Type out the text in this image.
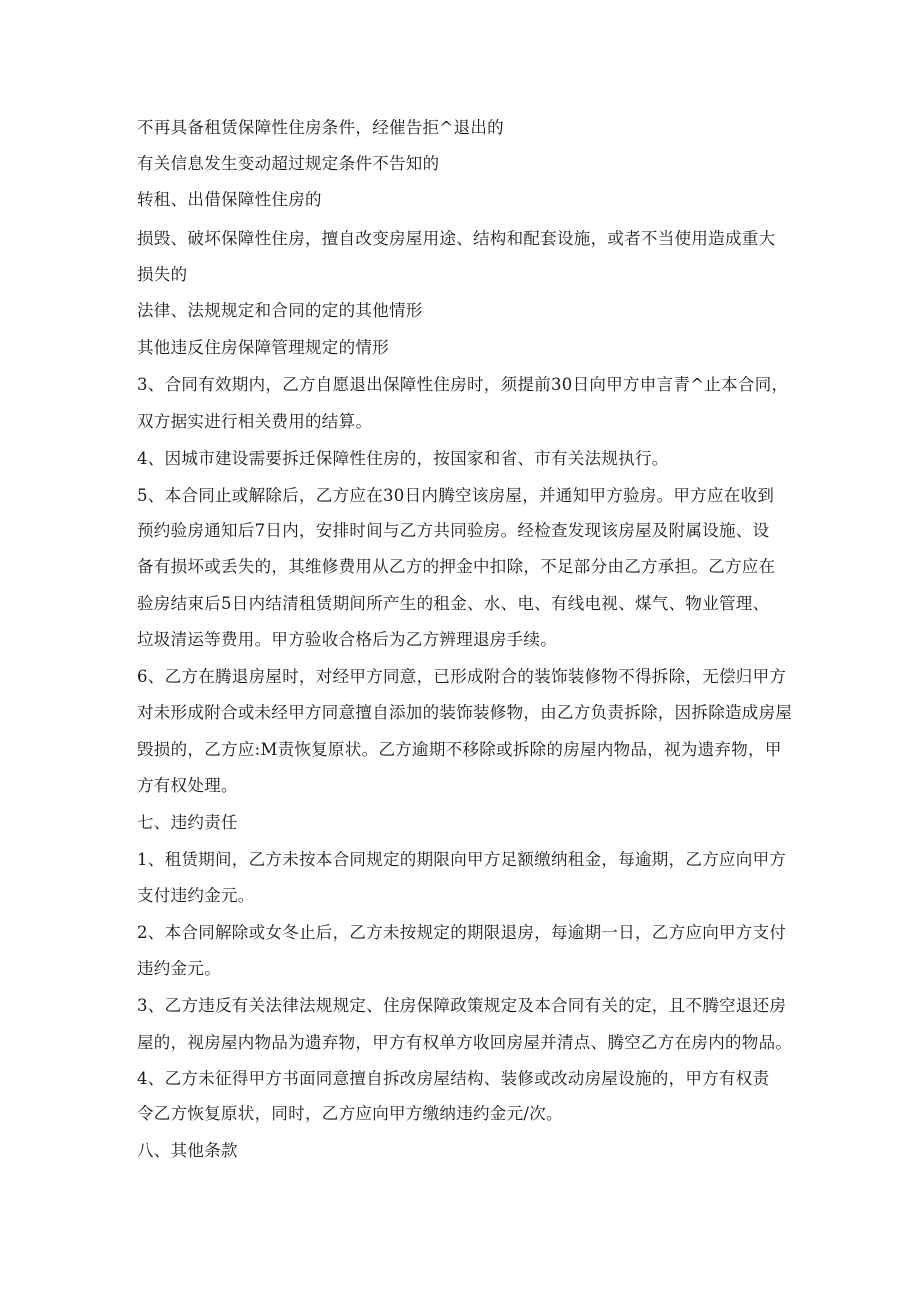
不再具备租赁保障性住房条件，经催告拒^退出的
有关信息发生变动超过规定条件不告知的
转租、出借保障性住房的
损毁、破坏保障性住房，擅自改变房屋用途、结构和配套设施，或者不当使用造成重大
损失的
法律、法规规定和合同的定的其他情形
其他违反住房保障管理规定的情形
3、合同有效期内，乙方自愿退出保障性住房时，须提前30日向甲方申言青^止本合同，
双方据实进行相关费用的结算。
4、因城市建设需要拆迁保障性住房的，按国家和省、市有关法规执行。
5、本合同止或解除后，乙方应在30日内腾空该房屋，并通知甲方验房。甲方应在收到
预约验房通知后7日内，安排时间与乙方共同验房。经检查发现该房屋及附属设施、设
备有损坏或丢失的，其维修费用从乙方的押金中扣除，不足部分由乙方承担。乙方应在
验房结束后5日内结清租赁期间所产生的租金、水、电、有线电视、煤气、物业管理、
垃圾清运等费用。甲方验收合格后为乙方辨理退房手续。
6、乙方在腾退房屋时，对经甲方同意，已形成附合的装饰装修物不得拆除，无偿归甲方
对未形成附合或未经甲方同意擅自添加的装饰装修物，由乙方负责拆除，因拆除造成房屋
毁损的，乙方应:M责恢复原状。乙方逾期不移除或拆除的房屋内物品，视为遗弃物，甲
方有权处理。
七、违约责任
1、租赁期间，乙方未按本合同规定的期限向甲方足额缴纳租金，每逾期，乙方应向甲方
支付违约金元。
2、本合同解除或女冬止后，乙方未按规定的期限退房，每逾期一日，乙方应向甲方支付
违约金元。
3、乙方违反有关法律法规规定、住房保障政策规定及本合同有关的定，且不腾空退还房
屋的，视房屋内物品为遗弃物，甲方有权单方收回房屋并清点、腾空乙方在房内的物品。
4、乙方未征得甲方书面同意擅自拆改房屋结构、装修或改动房屋设施的，甲方有权责
令乙方恢复原状，同时，乙方应向甲方缴纳违约金元/次。
八、其他条款
